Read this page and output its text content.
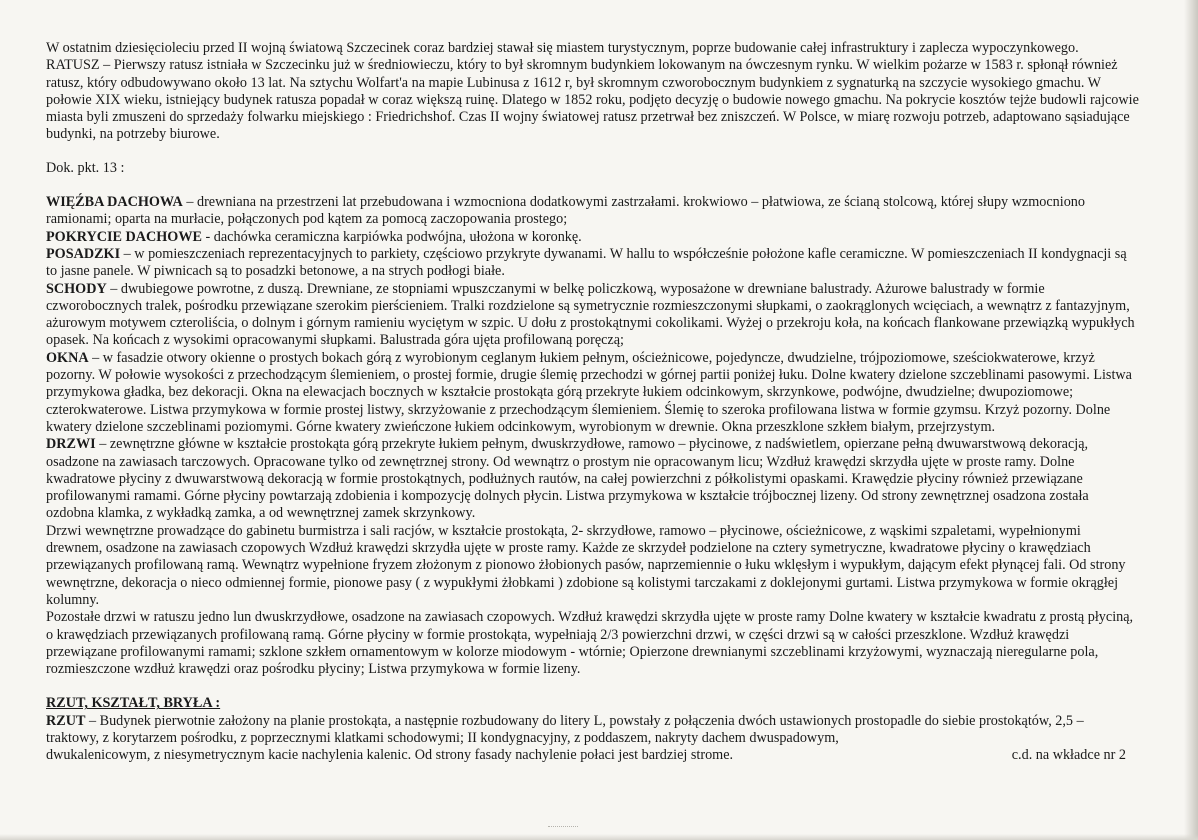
W ostatnim dziesięcioleciu przed II wojną światową Szczecinek coraz bardziej stawał się miastem turystycznym, poprze budowanie całej infrastruktury i zaplecza wypoczynkowego.

RATUSZ – Pierwszy ratusz istniała w Szczecinku już w średniowieczu, który to był skromnym budynkiem lokowanym na ówczesnym rynku. W wielkim pożarze w 1583 r. spłonął również ratusz, który odbudowywano około 13 lat. Na sztychu Wolfart'a na mapie Lubinusa z 1612 r, był skromnym czworobocznym budynkiem z sygnaturką na szczycie wysokiego gmachu. W połowie XIX wieku, istniejący budynek ratusza popadał w coraz większą ruinę. Dlatego w 1852 roku, podjęto decyzję o budowie nowego gmachu. Na pokrycie kosztów tejże budowli rajcowie miasta byli zmuszeni do sprzedaży folwarku miejskiego : Friedrichshof. Czas II wojny światowej ratusz przetrwał bez zniszczeń. W Polsce, w miarę rozwoju potrzeb, adaptowano sąsiadujące budynki, na potrzeby biurowe.

Dok. pkt. 13 :

WIĘŹBA DACHOWA – drewniana na przestrzeni lat przebudowana i wzmocniona dodatkowymi zastrzałami. krokwiowo – płatwiowa, ze ścianą stolcową, której słupy wzmocniono ramionami; oparta na murłacie, połączonych pod kątem za pomocą zaczopowania prostego;

POKRYCIE DACHOWE - dachówka ceramiczna karpiówka podwójna, ułożona w koronkę.

POSADZKI – w pomieszczeniach reprezentacyjnych to parkiety, częściowo przykryte dywanami. W hallu to współcześnie położone kafle ceramiczne. W pomieszczeniach II kondygnacji są to jasne panele. W piwnicach są to posadzki betonowe, a na strych podłogi białe.

SCHODY – dwubiegowe powrotne, z duszą. Drewniane, ze stopniami wpuszczanymi w belkę policzkową, wyposażone w drewniane balustrady. Ażurowe balustrady w formie czworobocznych tralek, pośrodku przewiązane szerokim pierścieniem. Tralki rozdzielone są symetrycznie rozmieszczonymi słupkami, o zaokrąglonych wcięciach, a wewnątrz z fantazyjnym, ażurowym motywem czteroliścia, o dolnym i górnym ramieniu wyciętym w szpic. U dołu z prostokątnymi cokolikami. Wyżej o przekroju koła, na końcach flankowane przewiązką wypukłych opasek. Na końcach z wysokimi opracowanymi słupkami. Balustrada góra ujęta profilowaną poręczą;

OKNA – w fasadzie otwory okienne o prostych bokach górą z wyrobionym ceglanym łukiem pełnym, ościeżnicowe, pojedyncze, dwudzielne, trójpoziomowe, sześciokwaterowe, krzyż pozorny. W połowie wysokości z przechodzącym ślemieniem, o prostej formie, drugie ślemię przechodzi w górnej partii poniżej łuku. Dolne kwatery dzielone szczeblinami pasowymi. Listwa przymykowa gładka, bez dekoracji. Okna na elewacjach bocznych w kształcie prostokąta górą przekryte łukiem odcinkowym, skrzynkowe, podwójne, dwudzielne; dwupoziomowe; czterokwaterowe. Listwa przymykowa w formie prostej listwy, skrzyżowanie z przechodzącym ślemieniem. Ślemię to szeroka profilowana listwa w formie gzymsu. Krzyż pozorny. Dolne kwatery dzielone szczeblinami poziomymi. Górne kwatery zwieńczone łukiem odcinkowym, wyrobionym w drewnie. Okna przeszklone szkłem białym, przejrzystym.

DRZWI – zewnętrzne główne w kształcie prostokąta górą przekryte łukiem pełnym, dwuskrzydłowe, ramowo – płycinowe, z nadświetlem, opierzane pełną dwuwarstwową dekoracją, osadzone na zawiasach tarczowych. Opracowane tylko od zewnętrznej strony. Od wewnątrz o prostym nie opracowanym licu; Wzdłuż krawędzi skrzydła ujęte w proste ramy. Dolne kwadratowe płyciny z dwuwarstwową dekoracją w formie prostokątnych, podłużnych rautów, na całej powierzchni z półkolistymi opaskami. Krawędzie płyciny również przewiązane profilowanymi ramami. Górne płyciny powtarzają zdobienia i kompozycję dolnych płycin. Listwa przymykowa w kształcie trójbocznej lizeny. Od strony zewnętrznej osadzona została ozdobna klamka, z wykładką zamka, a od wewnętrznej zamek skrzynkowy.

Drzwi wewnętrzne prowadzące do gabinetu burmistrza i sali racjów, w kształcie prostokąta, 2- skrzydłowe, ramowo – płycinowe, ościeżnicowe, z wąskimi szpaletami, wypełnionymi drewnem, osadzone na zawiasach czopowych Wzdłuż krawędzi skrzydła ujęte w proste ramy. Każde ze skrzydeł podzielone na cztery symetryczne, kwadratowe płyciny o krawędziach przewiązanych profilowaną ramą. Wewnątrz wypełnione fryzem złożonym z pionowo żłobionych pasów, naprzemiennie o łuku wklęsłym i wypukłym, dającym efekt płynącej fali. Od strony wewnętrzne, dekoracja o nieco odmiennej formie, pionowe pasy ( z wypukłymi żłobkami ) zdobione są kolistymi tarczakami z doklejonymi gurtami. Listwa przymykowa w formie okrągłej kolumny.

Pozostałe drzwi w ratuszu jedno lun dwuskrzydłowe, osadzone na zawiasach czopowych. Wzdłuż krawędzi skrzydła ujęte w proste ramy Dolne kwatery w kształcie kwadratu z prostą płyciną, o krawędziach przewiązanych profilowaną ramą. Górne płyciny w formie prostokąta, wypełniają 2/3 powierzchni drzwi, w części drzwi są w całości przeszklone. Wzdłuż krawędzi przewiązane profilowanymi ramami; szklone szkłem ornamentowym w kolorze miodowym - wtórnie; Opierzone drewnianymi szczeblinami krzyżowymi, wyznaczają nieregularne pola, rozmieszczone wzdłuż krawędzi oraz pośrodku płyciny; Listwa przymykowa w formie lizeny.

RZUT, KSZTAŁT, BRYŁA :

RZUT – Budynek pierwotnie założony na planie prostokąta, a następnie rozbudowany do litery L, powstały z połączenia dwóch ustawionych prostopadle do siebie prostokątów, 2,5 – traktowy, z korytarzem pośrodku, z poprzecznymi klatkami schodowymi; II kondygnacyjny, z poddaszem, nakryty dachem dwuspadowym,

dwukalenicowym, z niesymetrycznym kacie nachylenia kalenic. Od strony fasady nachylenie połaci jest bardziej strome.	c.d. na wkładce nr 2
